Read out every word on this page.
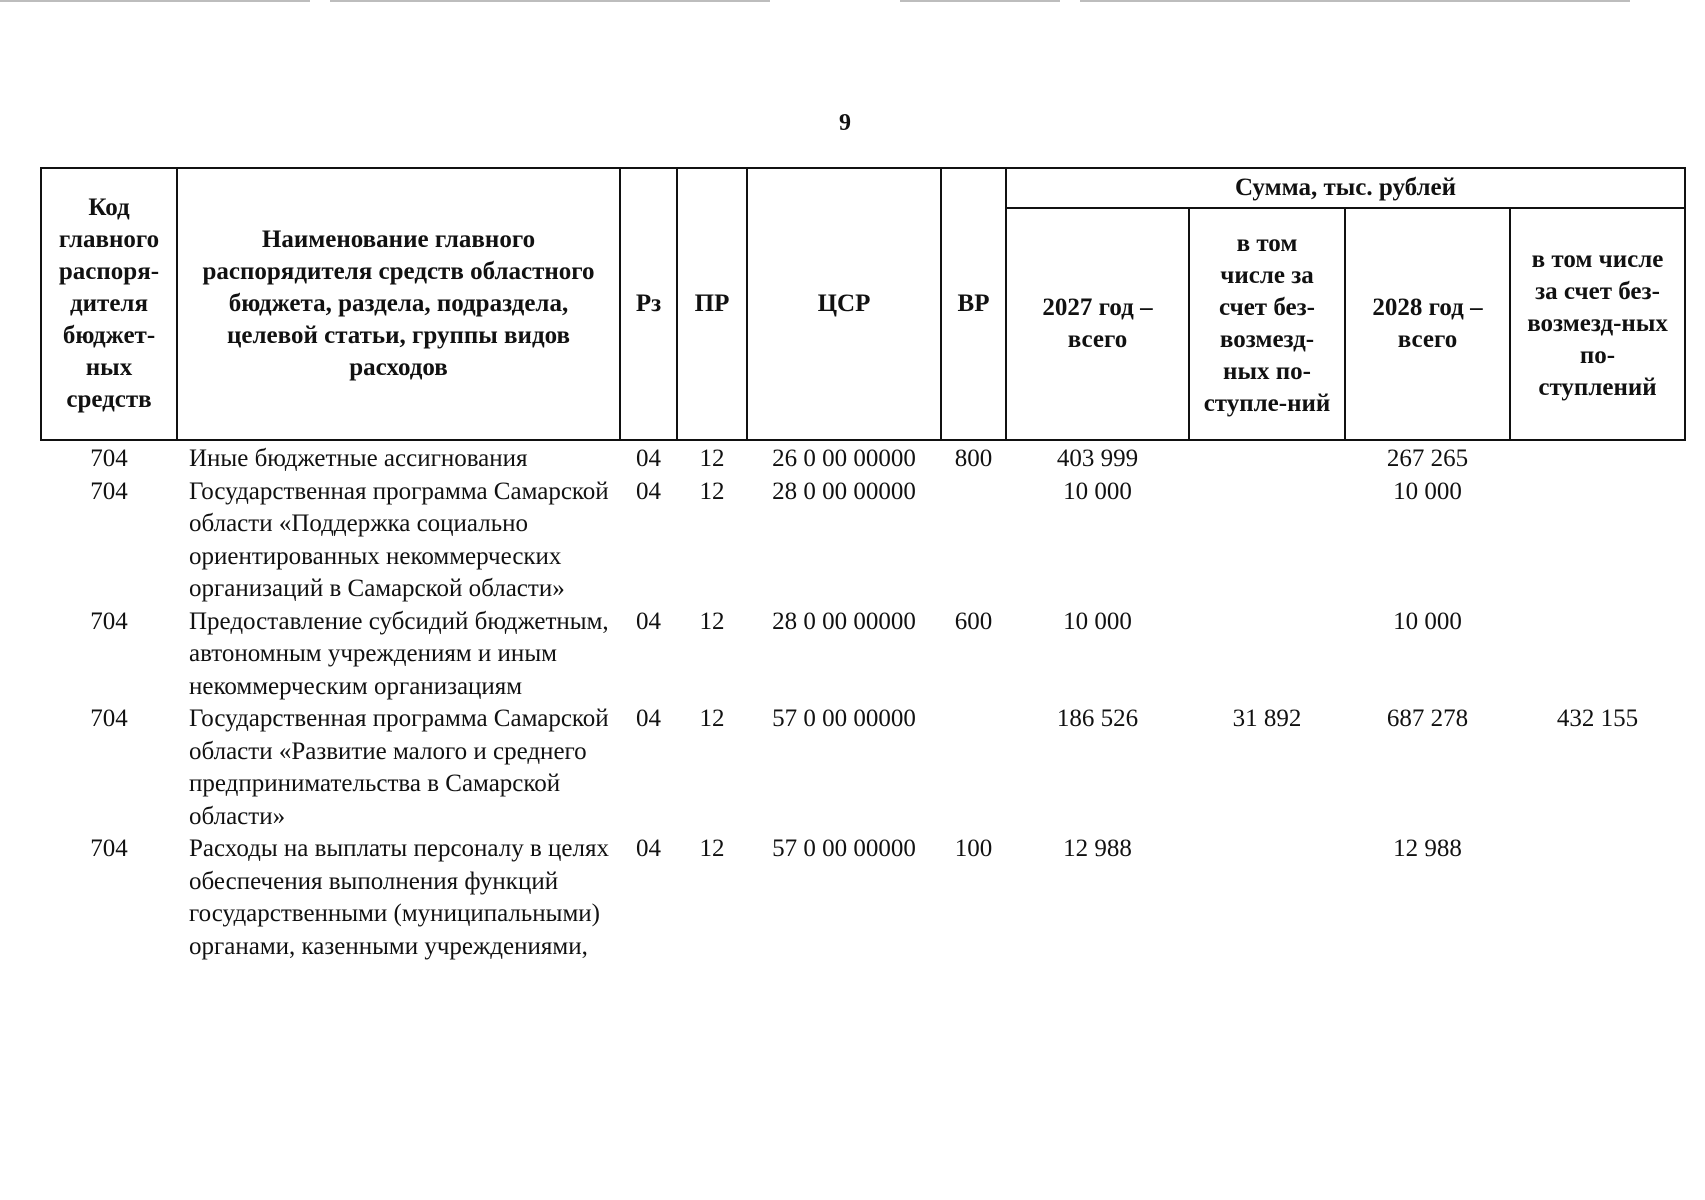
9
Код главного распоря-дителя бюджет-ных средств	Наименование главного распорядителя средств областного бюджета, раздела, подраздела, целевой статьи, группы видов расходов	Рз	ПР	ЦСР	ВР	Сумма, тыс. рублей			
						2027 год – всего	в том числе за счет без-возмезд-ных по-ступле-ний	2028 год – всего	в том числе за счет без-возмезд-ных по-ступлений
704	Иные бюджетные ассигнования	04	12	26 0 00 00000	800	403 999		267 265	
704	Государственная программа Самарской области «Поддержка социально ориентированных некоммерческих организаций в Самарской области»	04	12	28 0 00 00000		10 000		10 000	
704	Предоставление субсидий бюджетным, автономным учреждениям и иным некоммерческим организациям	04	12	28 0 00 00000	600	10 000		10 000	
704	Государственная программа Самарской области «Развитие малого и среднего предпринимательства в Самарской области»	04	12	57 0 00 00000		186 526	31 892	687 278	432 155
704	Расходы на выплаты персоналу в целях обеспечения выполнения функций государственными (муниципальными) органами, казенными учреждениями,	04	12	57 0 00 00000	100	12 988		12 988	
